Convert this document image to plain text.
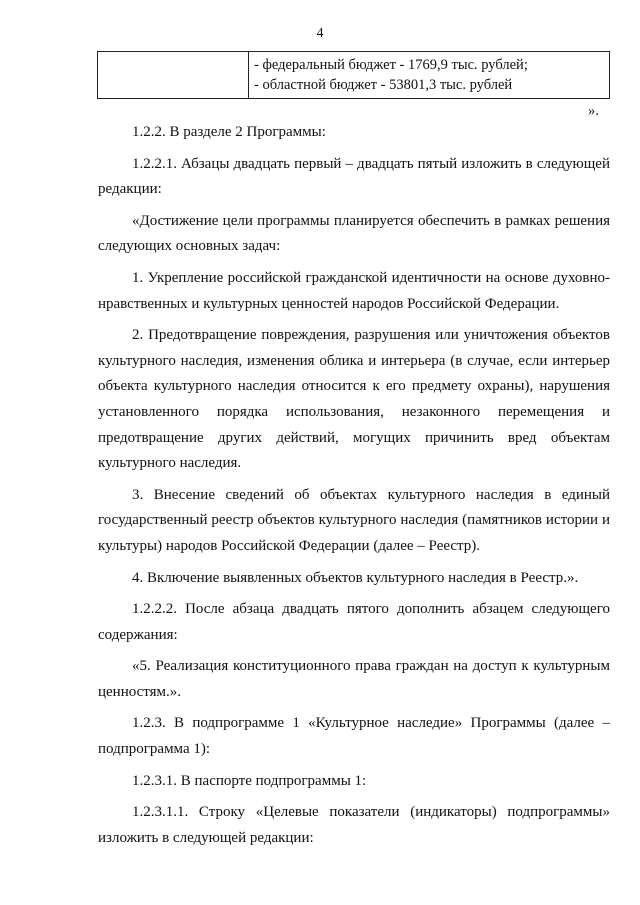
4
- федеральный бюджет - 1769,9 тыс. рублей;
- областной бюджет - 53801,3 тыс. рублей
».

1.2.2. В разделе 2 Программы:

1.2.2.1. Абзацы двадцать первый – двадцать пятый изложить в следующей редакции:

«Достижение цели программы планируется обеспечить в рамках решения следующих основных задач:

1. Укрепление российской гражданской идентичности на основе духовно-нравственных и культурных ценностей народов Российской Федерации.

2. Предотвращение повреждения, разрушения или уничтожения объектов культурного наследия, изменения облика и интерьера (в случае, если интерьер объекта культурного наследия относится к его предмету охраны), нарушения установленного порядка использования, незаконного перемещения и предотвращение других действий, могущих причинить вред объектам культурного наследия.

3. Внесение сведений об объектах культурного наследия в единый государственный реестр объектов культурного наследия (памятников истории и культуры) народов Российской Федерации (далее – Реестр).

4. Включение выявленных объектов культурного наследия в Реестр.».

1.2.2.2. После абзаца двадцать пятого дополнить абзацем следующего содержания:

«5. Реализация конституционного права граждан на доступ к культурным ценностям.».

1.2.3. В подпрограмме 1 «Культурное наследие» Программы (далее – подпрограмма 1):

1.2.3.1. В паспорте подпрограммы 1:

1.2.3.1.1. Строку «Целевые показатели (индикаторы) подпрограммы» изложить в следующей редакции:
